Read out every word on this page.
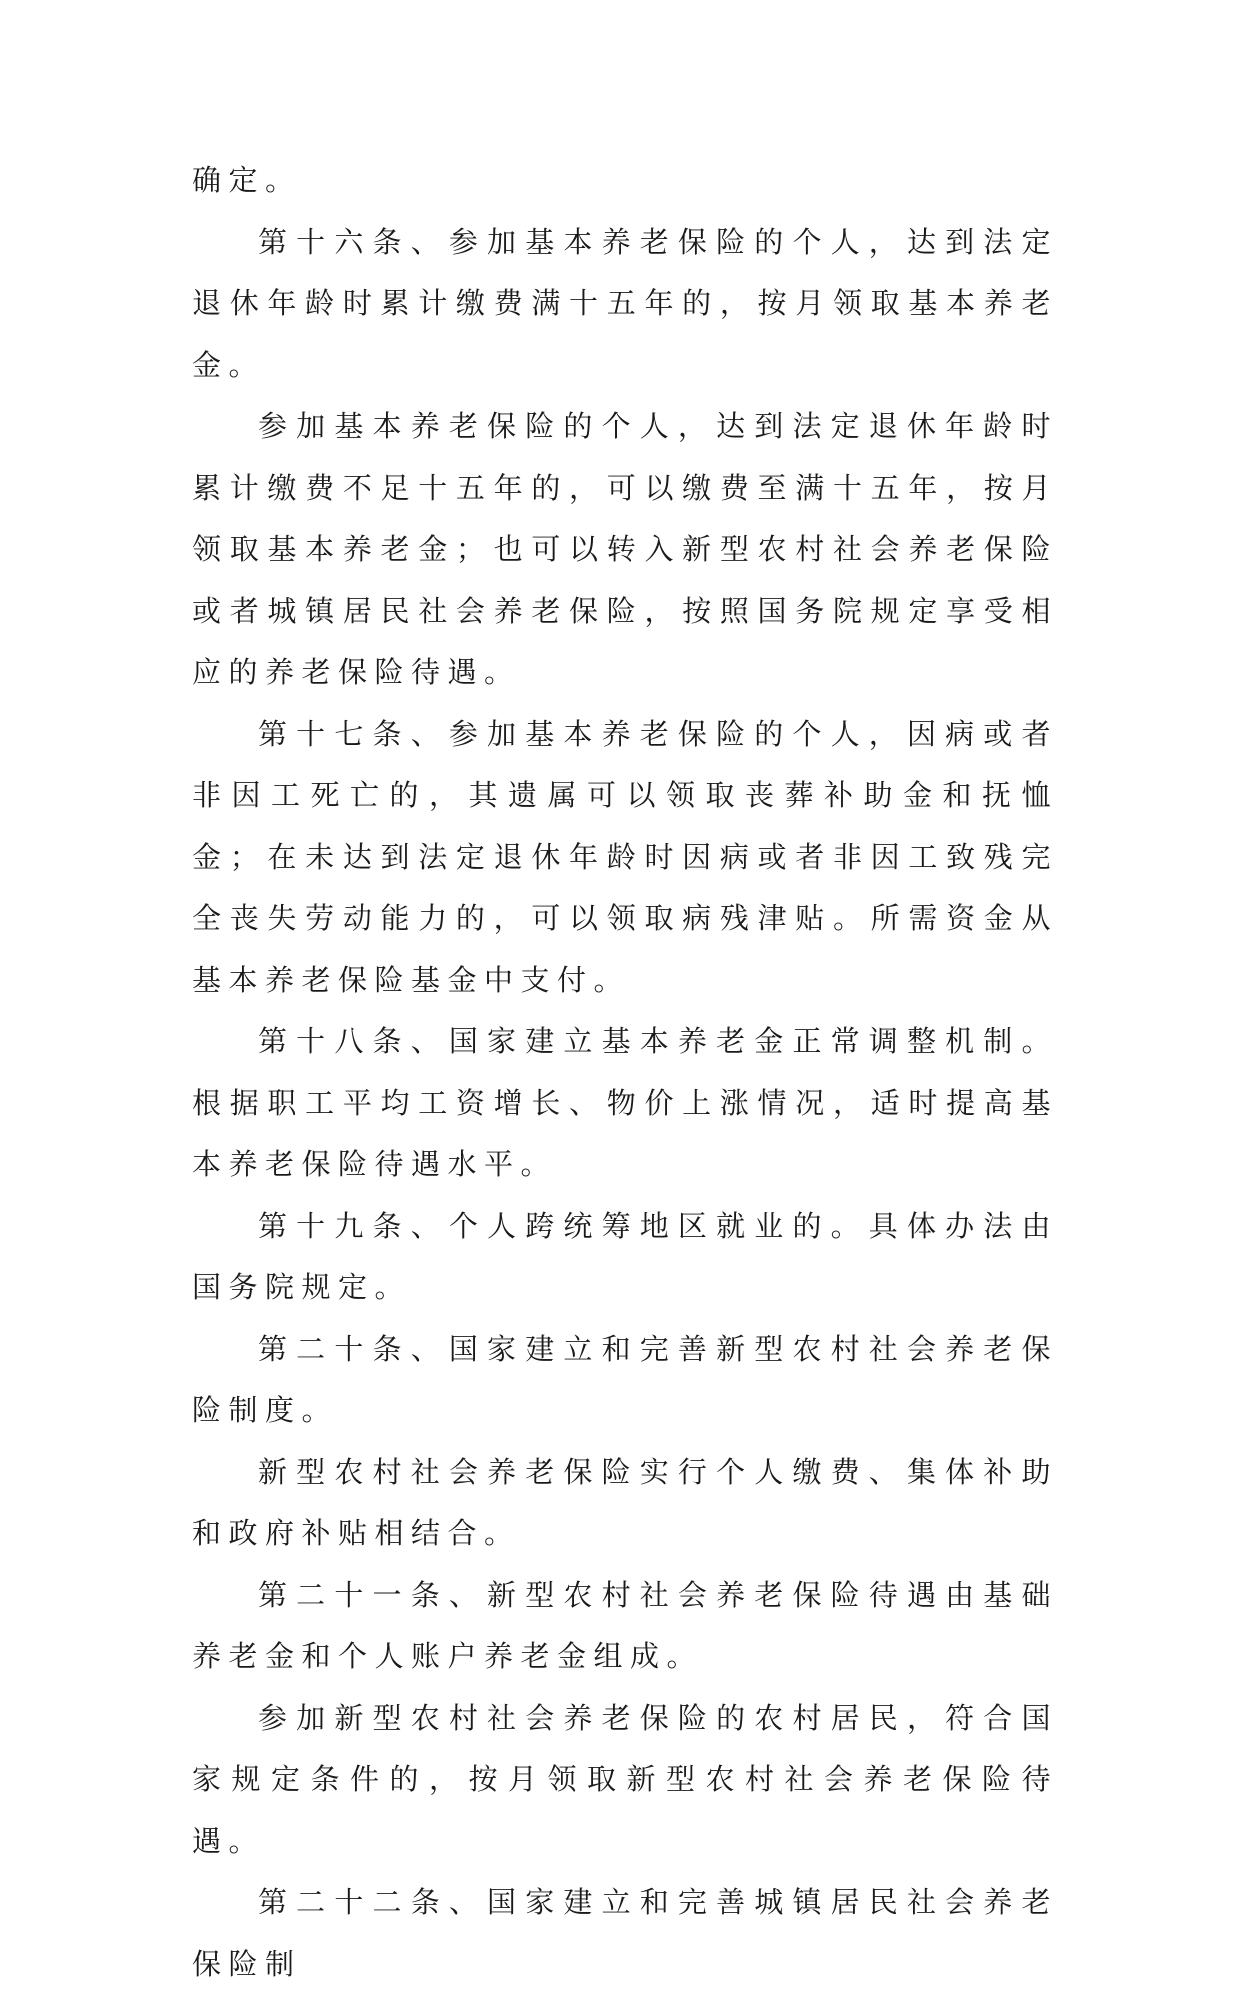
确定。

第十六条、参加基本养老保险的个人，达到法定退休年龄时累计缴费满十五年的，按月领取基本养老金。

参加基本养老保险的个人，达到法定退休年龄时累计缴费不足十五年的，可以缴费至满十五年，按月领取基本养老金；也可以转入新型农村社会养老保险或者城镇居民社会养老保险，按照国务院规定享受相应的养老保险待遇。

第十七条、参加基本养老保险的个人，因病或者非因工死亡的，其遗属可以领取丧葬补助金和抚恤金；在未达到法定退休年龄时因病或者非因工致残完全丧失劳动能力的，可以领取病残津贴。所需资金从基本养老保险基金中支付。

第十八条、国家建立基本养老金正常调整机制。根据职工平均工资增长、物价上涨情况，适时提高基本养老保险待遇水平。

第十九条、个人跨统筹地区就业的。具体办法由国务院规定。

第二十条、国家建立和完善新型农村社会养老保险制度。

新型农村社会养老保险实行个人缴费、集体补助和政府补贴相结合。

第二十一条、新型农村社会养老保险待遇由基础养老金和个人账户养老金组成。

参加新型农村社会养老保险的农村居民，符合国家规定条件的，按月领取新型农村社会养老保险待遇。

第二十二条、国家建立和完善城镇居民社会养老保险制
